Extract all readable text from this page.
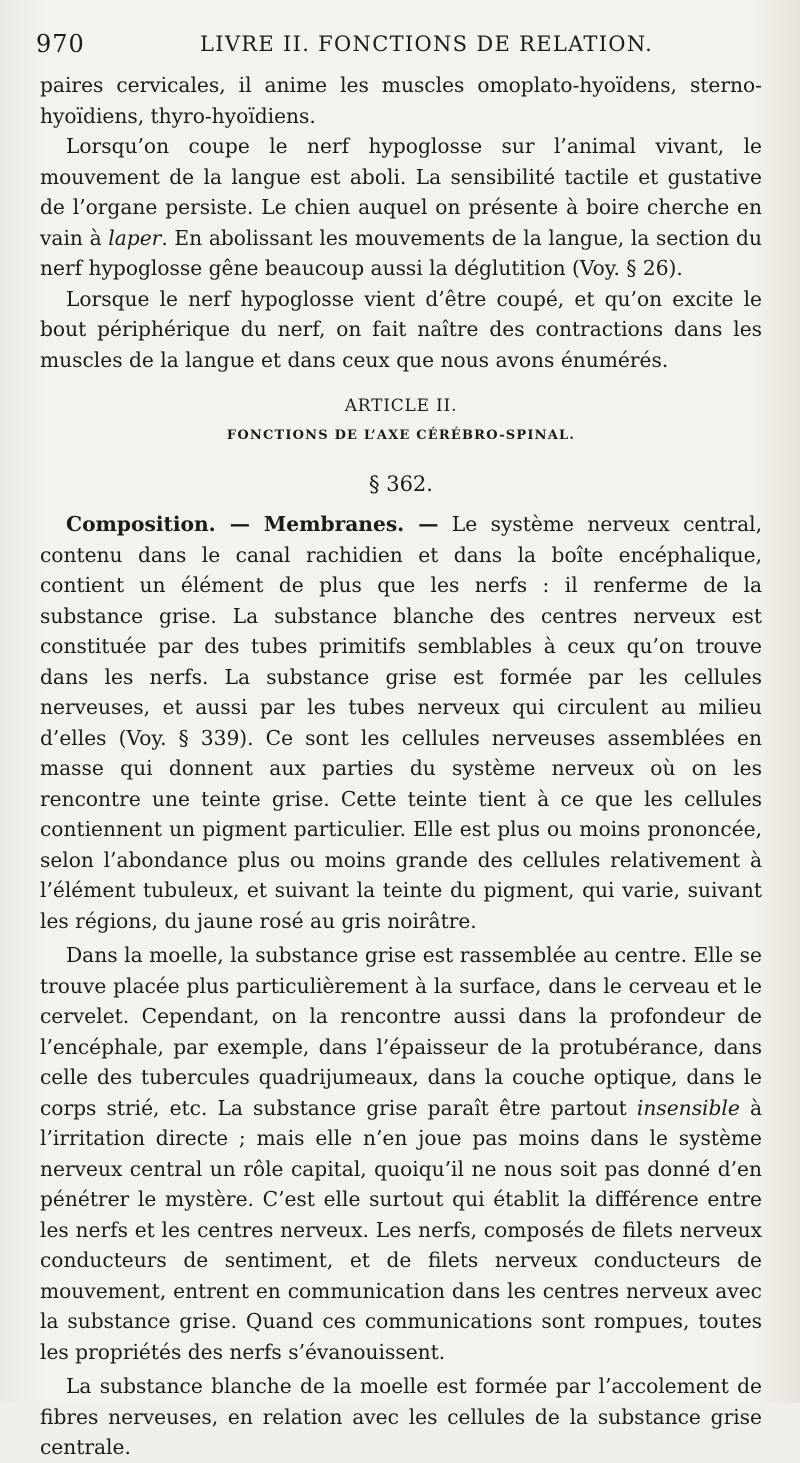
970	LIVRE II. FONCTIONS DE RELATION.

paires cervicales, il anime les muscles omoplato-hyoïdens, sterno-hyoïdiens, thyro-hyoïdiens.

Lorsqu’on coupe le nerf hypoglosse sur l’animal vivant, le mouvement de la langue est aboli. La sensibilité tactile et gustative de l’organe persiste. Le chien auquel on présente à boire cherche en vain à laper. En abolissant les mouvements de la langue, la section du nerf hypoglosse gêne beaucoup aussi la déglutition (Voy. § 26).

Lorsque le nerf hypoglosse vient d’être coupé, et qu’on excite le bout périphérique du nerf, on fait naître des contractions dans les muscles de la langue et dans ceux que nous avons énumérés.

ARTICLE II.
FONCTIONS DE L’AXE CÉRÉBRO-SPINAL.
§ 362.

Composition. — Membranes. — Le système nerveux central, contenu dans le canal rachidien et dans la boîte encéphalique, contient un élément de plus que les nerfs : il renferme de la substance grise. La substance blanche des centres nerveux est constituée par des tubes primitifs semblables à ceux qu’on trouve dans les nerfs. La substance grise est formée par les cellules nerveuses, et aussi par les tubes nerveux qui circulent au milieu d’elles (Voy. § 339). Ce sont les cellules nerveuses assemblées en masse qui donnent aux parties du système nerveux où on les rencontre une teinte grise. Cette teinte tient à ce que les cellules contiennent un pigment particulier. Elle est plus ou moins prononcée, selon l’abondance plus ou moins grande des cellules relativement à l’élément tubuleux, et suivant la teinte du pigment, qui varie, suivant les régions, du jaune rosé au gris noirâtre.

Dans la moelle, la substance grise est rassemblée au centre. Elle se trouve placée plus particulièrement à la surface, dans le cerveau et le cervelet. Cependant, on la rencontre aussi dans la profondeur de l’encéphale, par exemple, dans l’épaisseur de la protubérance, dans celle des tubercules quadrijumeaux, dans la couche optique, dans le corps strié, etc. La substance grise paraît être partout insensible à l’irritation directe ; mais elle n’en joue pas moins dans le système nerveux central un rôle capital, quoiqu’il ne nous soit pas donné d’en pénétrer le mystère. C’est elle surtout qui établit la différence entre les nerfs et les centres nerveux. Les nerfs, composés de filets nerveux conducteurs de sentiment, et de filets nerveux conducteurs de mouvement, entrent en communication dans les centres nerveux avec la substance grise. Quand ces communications sont rompues, toutes les propriétés des nerfs s’évanouissent.

La substance blanche de la moelle est formée par l’accolement de fibres nerveuses, en relation avec les cellules de la substance grise centrale.
